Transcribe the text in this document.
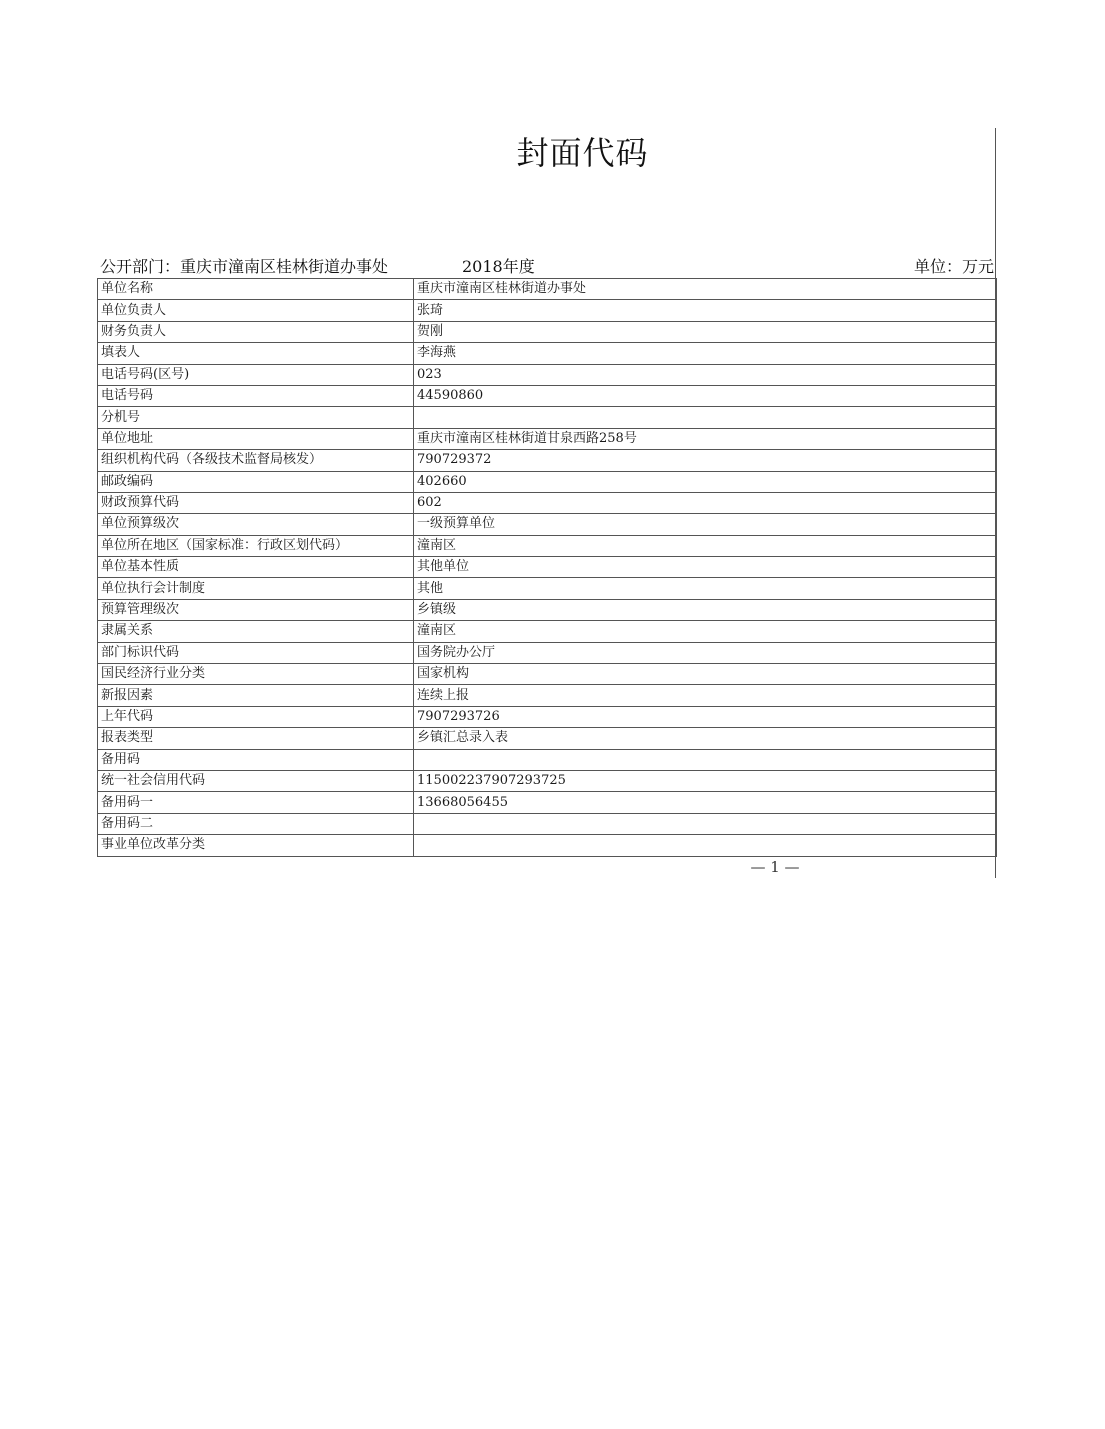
封面代码
公开部门：重庆市潼南区桂林街道办事处	2018年度	单位：万元
单位名称	重庆市潼南区桂林街道办事处
单位负责人	张琦
财务负责人	贺刚
填表人	李海燕
电话号码(区号)	023
电话号码	44590860
分机号	
单位地址	重庆市潼南区桂林街道甘泉西路258号
组织机构代码（各级技术监督局核发）	790729372
邮政编码	402660
财政预算代码	602
单位预算级次	一级预算单位
单位所在地区（国家标准：行政区划代码）	潼南区
单位基本性质	其他单位
单位执行会计制度	其他
预算管理级次	乡镇级
隶属关系	潼南区
部门标识代码	国务院办公厅
国民经济行业分类	国家机构
新报因素	连续上报
上年代码	7907293726
报表类型	乡镇汇总录入表
备用码	
统一社会信用代码	115002237907293725
备用码一	13668056455
备用码二	
事业单位改革分类	
— 1 —
